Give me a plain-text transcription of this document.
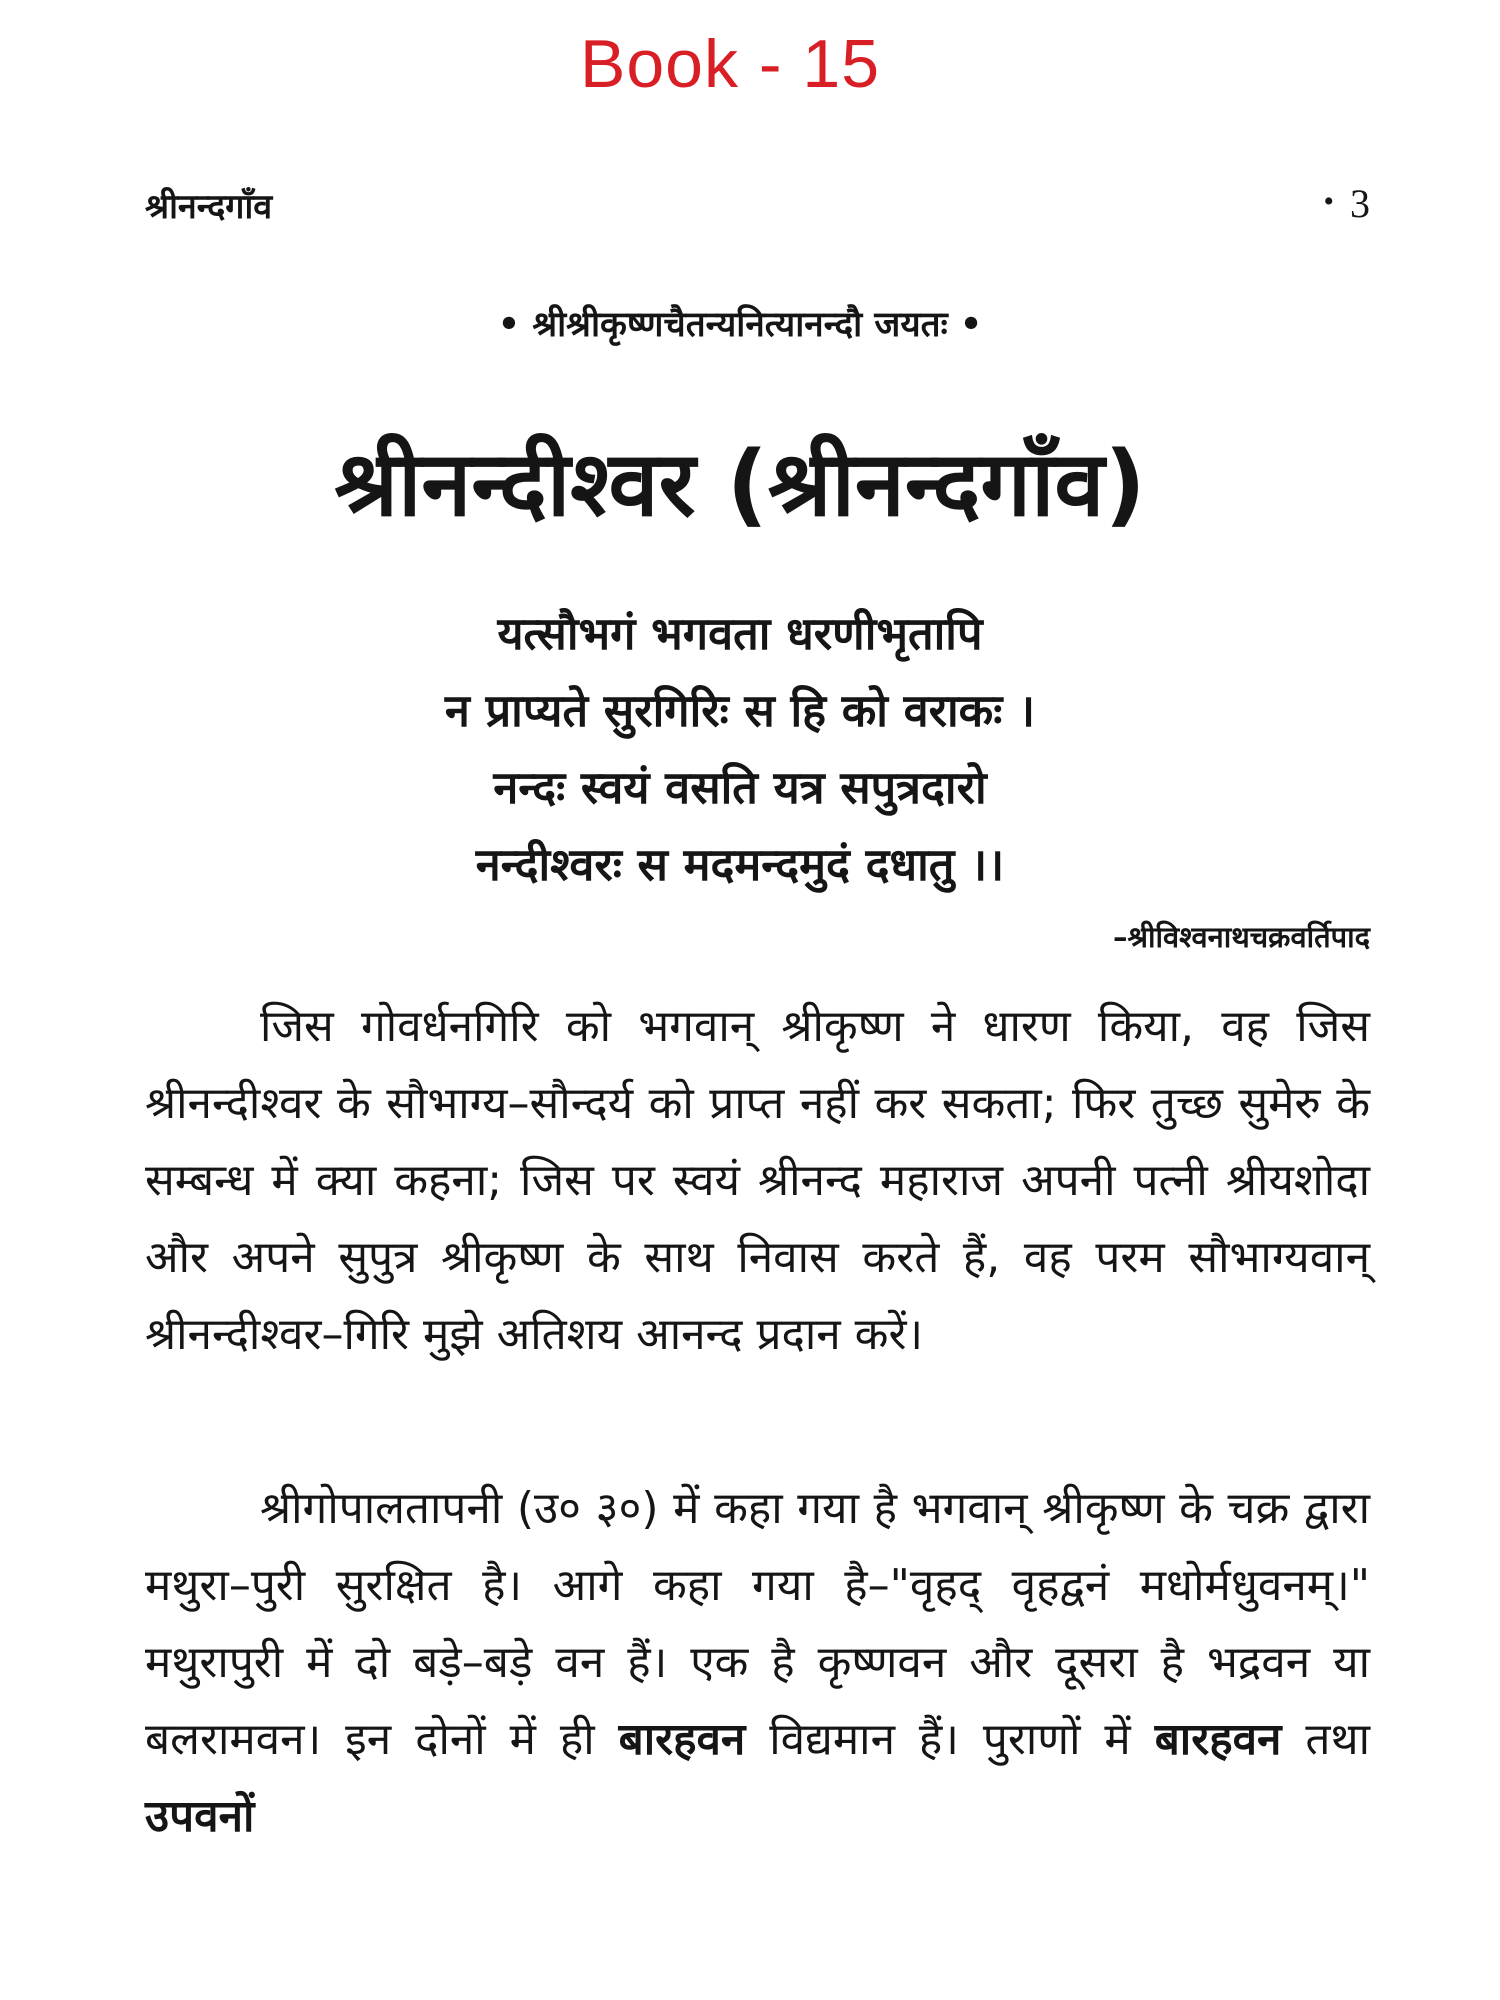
Book - 15
श्रीनन्दगाँव	• 3
• श्रीश्रीकृष्णचैतन्यनित्यानन्दौ जयतः •
श्रीनन्दीश्वर (श्रीनन्दगाँव)
यत्सौभगं भगवता धरणीभृतापि
न प्राप्यते सुरगिरिः स हि को वराकः ।
नन्दः स्वयं वसति यत्र सपुत्रदारो
नन्दीश्वरः स मदमन्दमुदं दधातु ।।
–श्रीविश्वनाथचक्रवर्तिपाद

जिस गोवर्धनगिरि को भगवान् श्रीकृष्ण ने धारण किया, वह जिस श्रीनन्दीश्वर के सौभाग्य–सौन्दर्य को प्राप्त नहीं कर सकता; फिर तुच्छ सुमेरु के सम्बन्ध में क्या कहना; जिस पर स्वयं श्रीनन्द महाराज अपनी पत्नी श्रीयशोदा और अपने सुपुत्र श्रीकृष्ण के साथ निवास करते हैं, वह परम सौभाग्यवान् श्रीनन्दीश्वर–गिरि मुझे अतिशय आनन्द प्रदान करें।

श्रीगोपालतापनी (उ० ३०) में कहा गया है भगवान् श्रीकृष्ण के चक्र द्वारा मथुरा–पुरी सुरक्षित है। आगे कहा गया है–"वृहद् वृहद्वनं मधोर्मधुवनम्।" मथुरापुरी में दो बड़े–बड़े वन हैं। एक है कृष्णवन और दूसरा है भद्रवन या बलरामवन। इन दोनों में ही बारहवन विद्यमान हैं। पुराणों में बारहवन तथा उपवनों
